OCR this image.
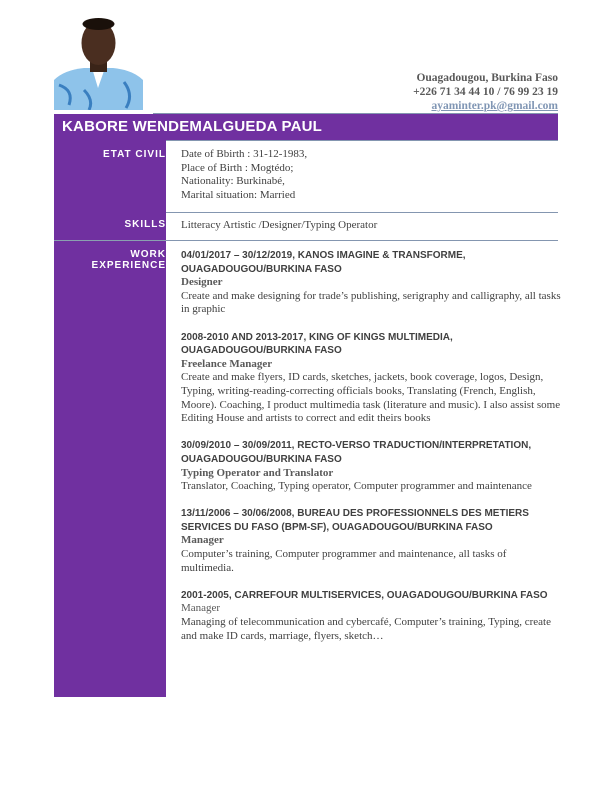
Ouagadougou, Burkina Faso
+226 71 34 44 10 / 76 99 23 19
ayaminter.pk@gmail.com
KABORE WENDEMALGUEDA PAUL
ETAT CIVIL
SKILLS
WORK EXPERIENCE
Date of Bbirth : 31-12-1983,
Place of Birth : Mogtédo;
Nationality: Burkinabé,
Marital situation: Married
Litteracy Artistic /Designer/Typing Operator
04/01/2017 – 30/12/2019, KANOS IMAGINE & TRANSFORME, OUAGADOUGOU/BURKINA FASO
Designer
Create and make designing for trade’s publishing, serigraphy and calligraphy, all tasks in graphic
2008-2010 AND 2013-2017, KING OF KINGS MULTIMEDIA, OUAGADOUGOU/BURKINA FASO
Freelance Manager
Create and make flyers, ID cards, sketches, jackets, book coverage, logos, Design, Typing, writing-reading-correcting officials books, Translating (French, English, Moore). Coaching, I product multimedia task (literature and music). I also assist some Editing House and artists to correct and edit theirs books
30/09/2010 – 30/09/2011, RECTO-VERSO TRADUCTION/INTERPRETATION, OUAGADOUGOU/BURKINA FASO
Typing Operator and Translator
Translator, Coaching, Typing operator, Computer programmer and maintenance
13/11/2006 – 30/06/2008, BUREAU DES PROFESSIONNELS DES METIERS SERVICES DU FASO (BPM-SF), OUAGADOUGOU/BURKINA FASO
Manager
Computer’s training, Computer programmer and maintenance, all tasks of multimedia.
2001-2005, CARREFOUR MULTISERVICES, OUAGADOUGOU/BURKINA FASO
Manager
Managing of telecommunication and cybercafé, Computer’s training, Typing, create and make ID cards, marriage, flyers, sketch…
